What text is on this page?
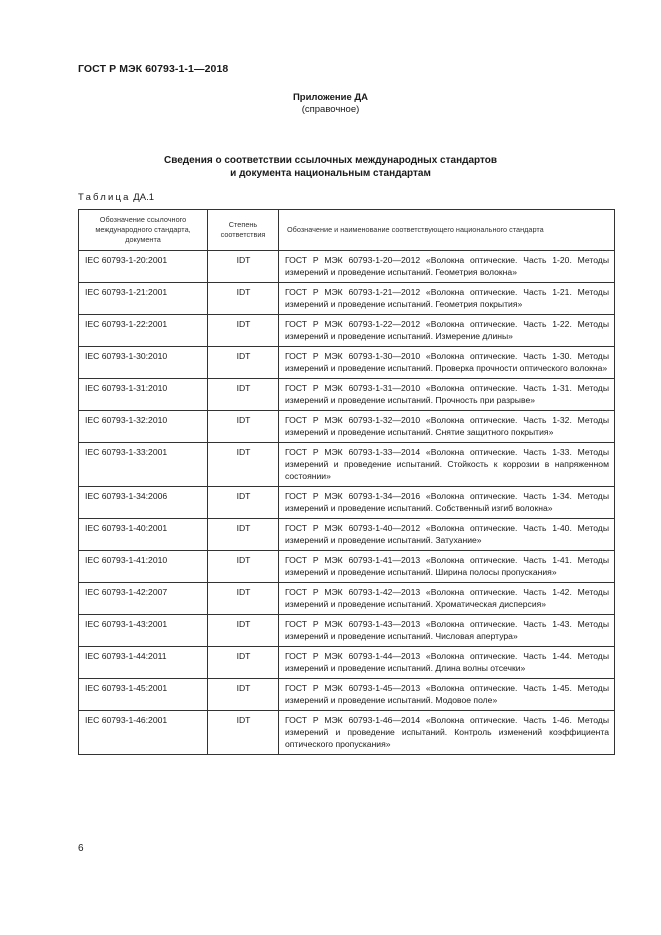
ГОСТ Р МЭК 60793-1-1—2018
Приложение ДА
(справочное)
Сведения о соответствии ссылочных международных стандартов
и документа национальным стандартам
Таблица ДА.1
Обозначение ссылочного международного стандарта, документа	Степень соответствия	Обозначение и наименование соответствующего национального стандарта
IEC 60793-1-20:2001	IDT	ГОСТ Р МЭК 60793-1-20—2012 «Волокна оптические. Часть 1-20. Методы измерений и проведение испытаний. Геометрия волокна»
IEC 60793-1-21:2001	IDT	ГОСТ Р МЭК 60793-1-21—2012 «Волокна оптические. Часть 1-21. Методы измерений и проведение испытаний. Геометрия покрытия»
IEC 60793-1-22:2001	IDT	ГОСТ Р МЭК 60793-1-22—2012 «Волокна оптические. Часть 1-22. Методы измерений и проведение испытаний. Измерение длины»
IEC 60793-1-30:2010	IDT	ГОСТ Р МЭК 60793-1-30—2010 «Волокна оптические. Часть 1-30. Методы измерений и проведение испытаний. Проверка прочности оптического волокна»
IEC 60793-1-31:2010	IDT	ГОСТ Р МЭК 60793-1-31—2010 «Волокна оптические. Часть 1-31. Методы измерений и проведение испытаний. Прочность при разрыве»
IEC 60793-1-32:2010	IDT	ГОСТ Р МЭК 60793-1-32—2010 «Волокна оптические. Часть 1-32. Методы измерений и проведение испытаний. Снятие защитного покрытия»
IEC 60793-1-33:2001	IDT	ГОСТ Р МЭК 60793-1-33—2014 «Волокна оптические. Часть 1-33. Методы измерений и проведение испытаний. Стойкость к коррозии в напряженном состоянии»
IEC 60793-1-34:2006	IDT	ГОСТ Р МЭК 60793-1-34—2016 «Волокна оптические. Часть 1-34. Методы измерений и проведение испытаний. Собственный изгиб волокна»
IEC 60793-1-40:2001	IDT	ГОСТ Р МЭК 60793-1-40—2012 «Волокна оптические. Часть 1-40. Методы измерений и проведение испытаний. Затухание»
IEC 60793-1-41:2010	IDT	ГОСТ Р МЭК 60793-1-41—2013 «Волокна оптические. Часть 1-41. Методы измерений и проведение испытаний. Ширина полосы пропускания»
IEC 60793-1-42:2007	IDT	ГОСТ Р МЭК 60793-1-42—2013 «Волокна оптические. Часть 1-42. Методы измерений и проведение испытаний. Хроматическая дисперсия»
IEC 60793-1-43:2001	IDT	ГОСТ Р МЭК 60793-1-43—2013 «Волокна оптические. Часть 1-43. Методы измерений и проведение испытаний. Числовая апертура»
IEC 60793-1-44:2011	IDT	ГОСТ Р МЭК 60793-1-44—2013 «Волокна оптические. Часть 1-44. Методы измерений и проведение испытаний. Длина волны отсечки»
IEC 60793-1-45:2001	IDT	ГОСТ Р МЭК 60793-1-45—2013 «Волокна оптические. Часть 1-45. Методы измерений и проведение испытаний. Модовое поле»
IEC 60793-1-46:2001	IDT	ГОСТ Р МЭК 60793-1-46—2014 «Волокна оптические. Часть 1-46. Методы измерений и проведение испытаний. Контроль изменений коэффициента оптического пропускания»
6
